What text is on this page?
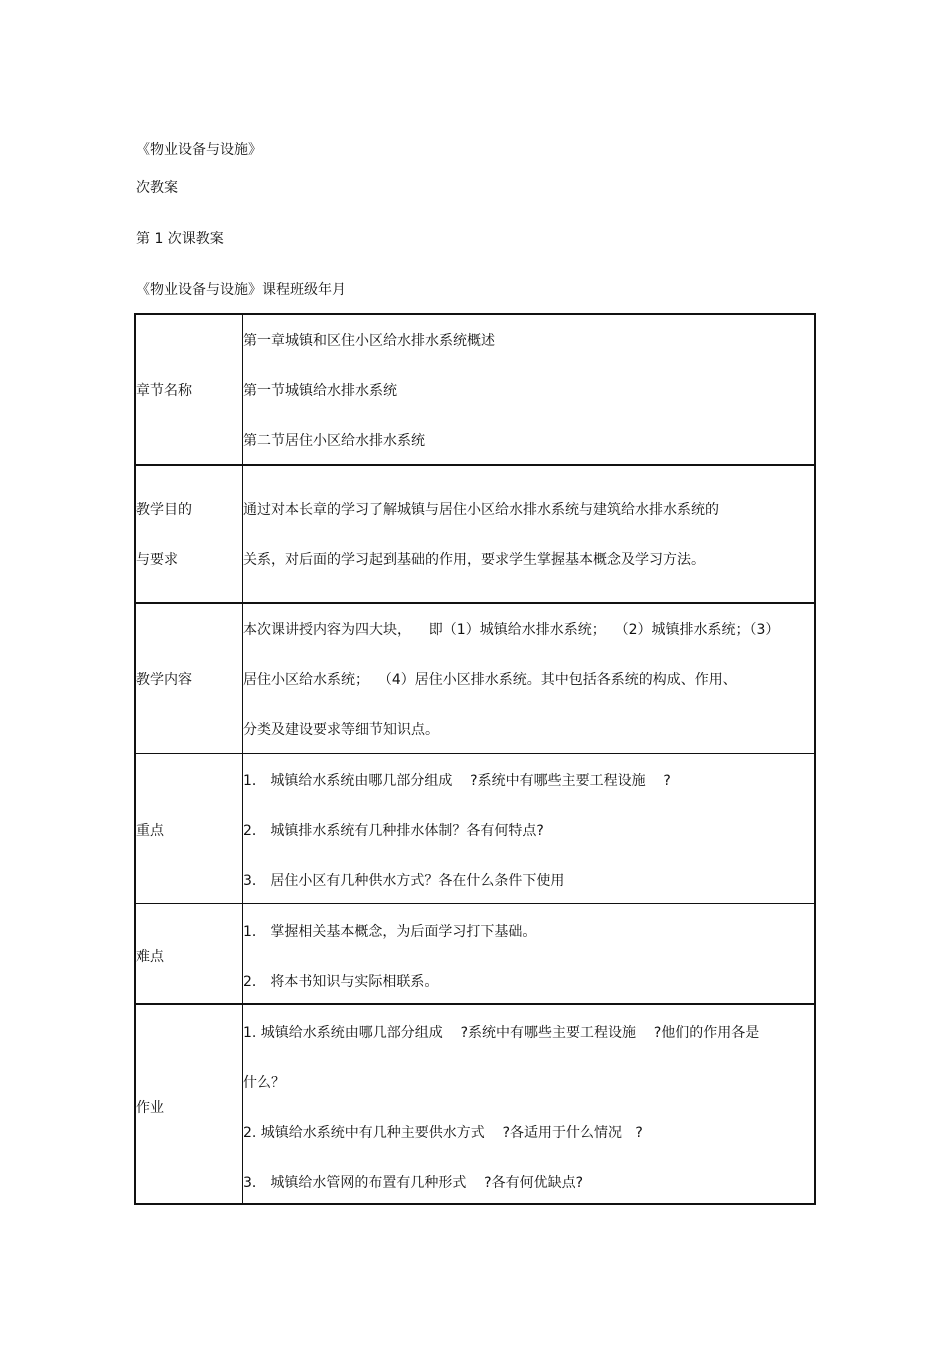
《物业设备与设施》
次教案
第 1 次课教案
《物业设备与设施》课程班级年月
章节名称
第一章城镇和区住小区给水排水系统概述
第一节城镇给水排水系统
第二节居住小区给水排水系统
教学目的
与要求
通过对本长章的学习了解城镇与居住小区给水排水系统与建筑给水排水系统的
关系，对后面的学习起到基础的作用，要求学生掌握基本概念及学习方法。
教学内容
本次课讲授内容为四大块，    即（1）城镇给水排水系统；  （2）城镇排水系统；（3）
居住小区给水系统；  （4）居住小区排水系统。其中包括各系统的构成、作用、
分类及建设要求等细节知识点。
重点
1． 城镇给水系统由哪几部分组成    ?系统中有哪些主要工程设施    ?
2． 城镇排水系统有几种排水体制？各有何特点?
3． 居住小区有几种供水方式？各在什么条件下使用
难点
1． 掌握相关基本概念，为后面学习打下基础。
2． 将本书知识与实际相联系。
作业
1. 城镇给水系统由哪几部分组成    ?系统中有哪些主要工程设施    ?他们的作用各是
什么？
2. 城镇给水系统中有几种主要供水方式    ?各适用于什么情况   ?
3． 城镇给水管网的布置有几种形式    ?各有何优缺点?
